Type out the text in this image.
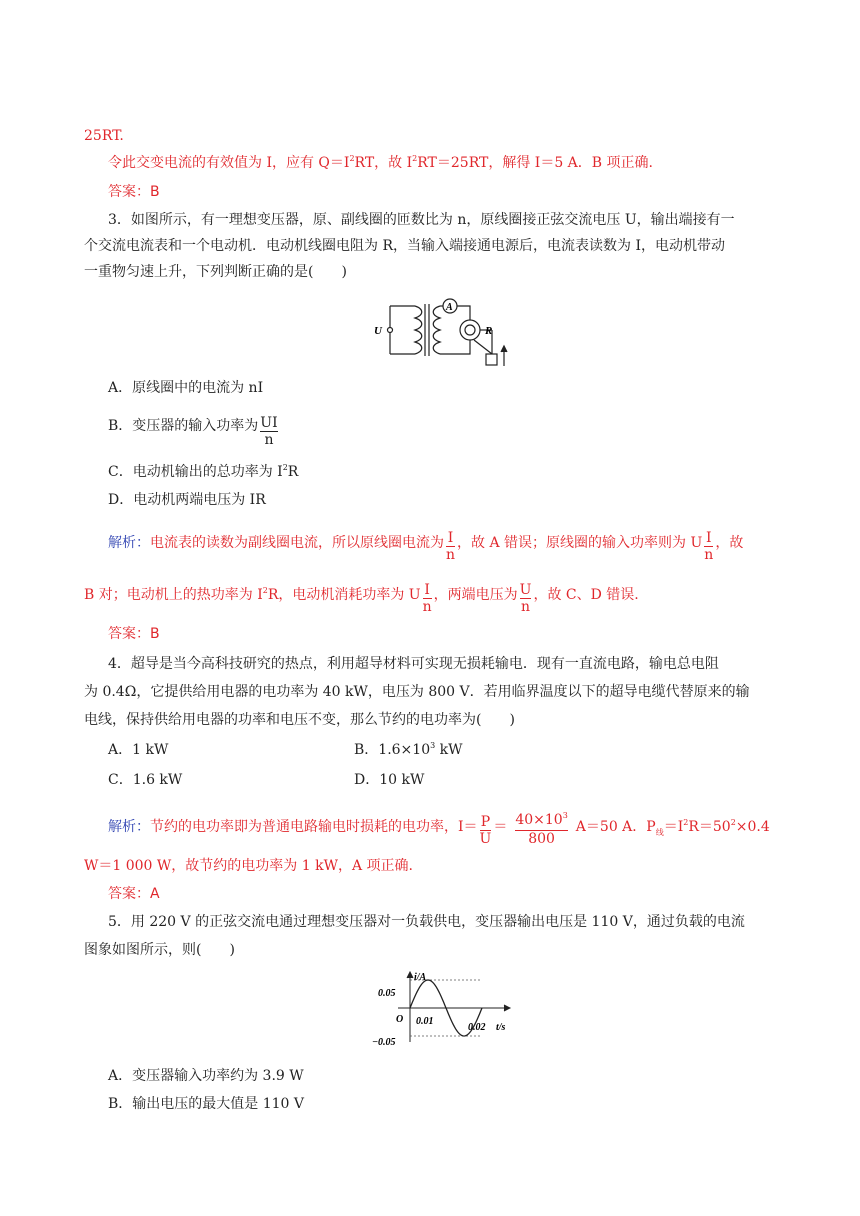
25RT.
令此交变电流的有效值为 I，应有 $Q=I^2RT$，故 $I^2RT=25RT$，解得 I＝5 A．B 项正确.
答案：B
3．如图所示，有一理想变压器，原、副线圈的匝数比为 n，原线圈接正弦交流电压 U，输出端接有一
个交流电流表和一个电动机．电动机线圈电阻为 R，当输入端接通电源后，电流表读数为 I，电动机带动
一重物匀速上升，下列判断正确的是(　　)
U
A
R
A．原线圈中的电流为 nI
B．变压器的输入功率为 $\frac{UI}{n}$
C．电动机输出的总功率为 $I^2R$
D．电动机两端电压为 IR
解析：电流表的读数为副线圈电流，所以原线圈电流为 $\frac{I}{n}$ ，故 A 错误；原线圈的输入功率则为 U $\frac{I}{n}$ ，故
B 对；电动机上的热功率为 $I^2R$，电动机消耗功率为 U $\frac{I}{n}$ ，两端电压为 $\frac{U}{n}$ ，故 C、D 错误.
答案：B
4．超导是当今高科技研究的热点，利用超导材料可实现无损耗输电．现有一直流电路，输电总电阻
为 0.4Ω，它提供给用电器的电功率为 40 kW，电压为 800 V．若用临界温度以下的超导电缆代替原来的输
电线，保持供给用电器的功率和电压不变，那么节约的电功率为(　　)
A．1 kW	B．$1.6\times 10^3$ kW
C．1.6 kW	D．10 kW
解析：节约的电功率即为普通电路输电时损耗的电功率，$I= \frac{P}{U} = \frac{40\times 10^3}{800} A=50$ A．$P_线=I^2R=50^2\times 0.4$
W＝1 000 W，故节约的电功率为 1 kW，A 项正确.
答案：A
5．用 220 V 的正弦交流电通过理想变压器对一负载供电，变压器输出电压是 110 V，通过负载的电流
图象如图所示，则(　　)
i/A
t/s
O
0.05
−0.05
0.01
0.02
A．变压器输入功率约为 3.9 W
B．输出电压的最大值是 110 V
